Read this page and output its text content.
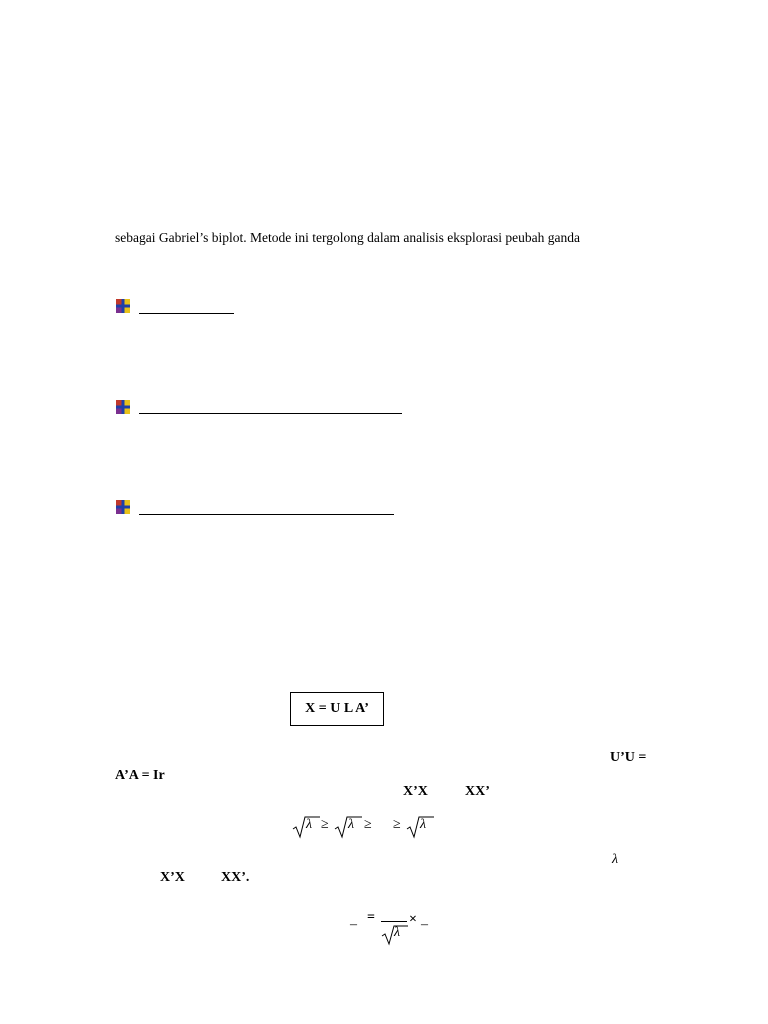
sebagai Gabriel’s biplot. Metode ini tergolong dalam analisis eksplorasi peubah ganda
X = U L A’
U’U =
A’A = Ir
X’X	XX’
λ ≥ λ ≥ ≥ λ
λ
X’X	XX’.
– =
λ
× –
